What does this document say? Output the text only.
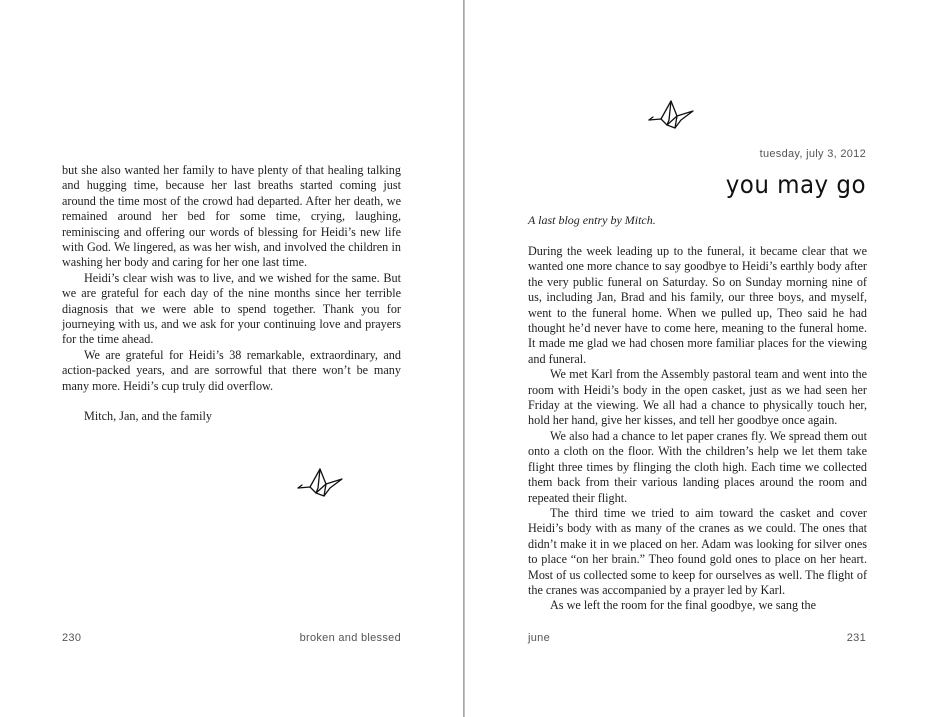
but she also wanted her family to have plenty of that healing talking and hugging time, because her last breaths started coming just around the time most of the crowd had departed. After her death, we remained around her bed for some time, crying, laughing, reminiscing and offering our words of blessing for Heidi’s new life with God. We lingered, as was her wish, and involved the children in washing her body and caring for her one last time.

Heidi’s clear wish was to live, and we wished for the same. But we are grateful for each day of the nine months since her terrible diagnosis that we were able to spend together. Thank you for journeying with us, and we ask for your continuing love and prayers for the time ahead.

We are grateful for Heidi’s 38 remarkable, extraordinary, and action-packed years, and are sorrowful that there won’t be many many more. Heidi’s cup truly did overflow.

Mitch, Jan, and the family
230	broken and blessed
tuesday, july 3, 2012
you may go
A last blog entry by Mitch.

During the week leading up to the funeral, it became clear that we wanted one more chance to say goodbye to Heidi’s earthly body after the very public funeral on Saturday. So on Sunday morning nine of us, including Jan, Brad and his family, our three boys, and myself, went to the funeral home. When we pulled up, Theo said he had thought he’d never have to come here, meaning to the funeral home. It made me glad we had chosen more familiar places for the viewing and funeral.

We met Karl from the Assembly pastoral team and went into the room with Heidi’s body in the open casket, just as we had seen her Friday at the viewing. We all had a chance to physically touch her, hold her hand, give her kisses, and tell her goodbye once again.

We also had a chance to let paper cranes fly. We spread them out onto a cloth on the floor. With the children’s help we let them take flight three times by flinging the cloth high. Each time we collected them back from their various landing places around the room and repeated their flight.

The third time we tried to aim toward the casket and cover Heidi’s body with as many of the cranes as we could. The ones that didn’t make it in we placed on her. Adam was looking for silver ones to place “on her brain.” Theo found gold ones to place on her heart. Most of us collected some to keep for ourselves as well. The flight of the cranes was accompanied by a prayer led by Karl.

As we left the room for the final goodbye, we sang the

june	231
